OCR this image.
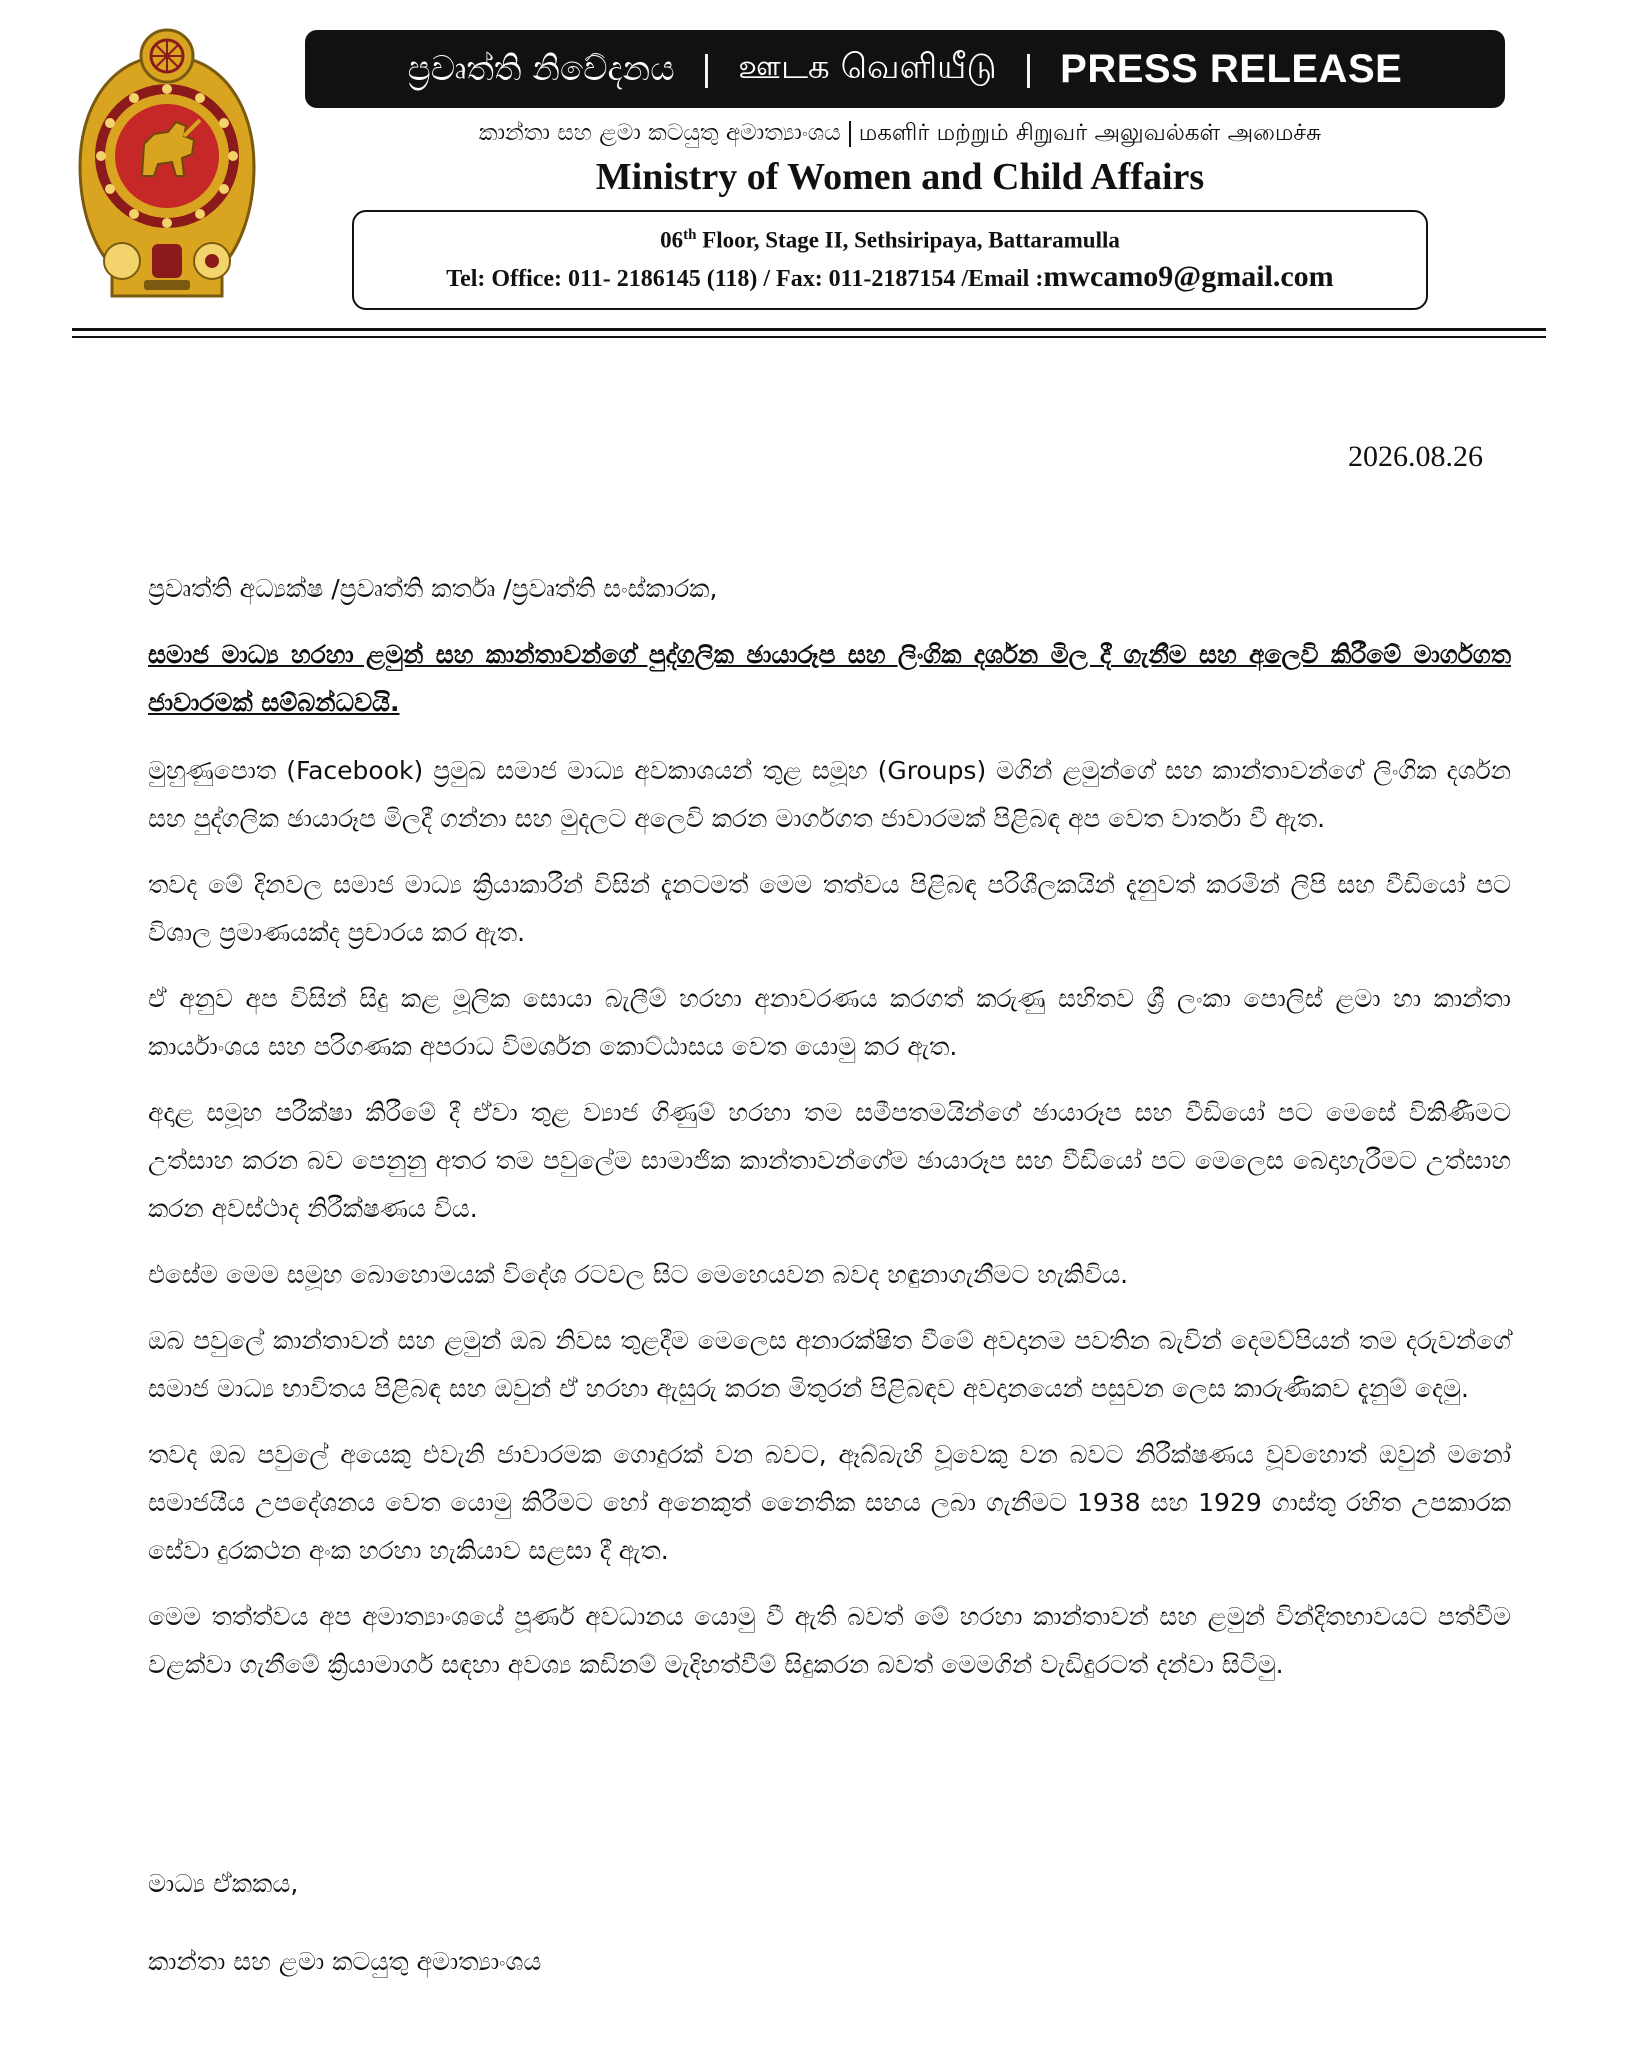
ප්‍රවෘත්ති නිවේදනය | ஊடக வெளியீடு | PRESS RELEASE
කාන්තා සහ ළමා කටයුතු අමාත්‍යාංශය மகளிர் மற்றும் சிறுவர் அலுவல்கள் அமைச்சு
Ministry of Women and Child Affairs
06th Floor, Stage II, Sethsiripaya, Battaramulla
Tel: Office: 011- 2186145 (118) / Fax: 011-2187154 /Email :mwcamo9@gmail.com
2026.08.26

ප්‍රවෘත්ති අධ්‍යක්ෂ /ප්‍රවෘත්ති කර්තෘ /ප්‍රවෘත්ති සංස්කාරක,

සමාජ මාධ්‍ය හරහා ළමුන් සහ කාන්තාවන්ගේ පුද්ගලික ඡායාරූප සහ ලිංගික දර්ශන මිල දී ගැනීම සහ අලෙවි කිරීමේ මාර්ගගත ජාවාරමක් සම්බන්ධවයි.

මුහුණුපොත (Facebook) ප්‍රමුඛ සමාජ මාධ්‍ය අවකාශයන් තුළ සමූහ (Groups) මගින් ළමුන්ගේ සහ කාන්තාවන්ගේ ලිංගික දර්ශන සහ පුද්ගලික ඡායාරූප මිලදී ගන්නා සහ මුදලට අලෙවි කරන මාර්ගගත ජාවාරමක් පිළිබඳ අප වෙත වාර්තා වී ඇත.

තවද මේ දිනවල සමාජ මාධ්‍ය ක්‍රියාකාරීන් විසින් දැනටමත් මෙම තත්වය පිළිබඳ පරිශීලකයින් දැනුවත් කරමින් ලිපි සහ වීඩියෝ පට විශාල ප්‍රමාණයක්ද ප්‍රචාරය කර ඇත.

ඒ අනුව අප විසින් සිදු කළ මූලික සොයා බැලීම් හරහා අනාවරණය කරගත් කරුණු සහිතව ශ්‍රී ලංකා පොලිස් ළමා හා කාන්තා කාර්යාංශය සහ පරිගණක අපරාධ විමර්ශන කොට්ඨාසය වෙත යොමු කර ඇත.

අදාළ සමූහ පරීක්ෂා කිරීමේ දී ඒවා තුළ ව්‍යාජ ගිණුම් හරහා තම සමීපතමයින්ගේ ඡායාරූප සහ වීඩියෝ පට මෙසේ විකිණීමට උත්සාහ කරන බව පෙනුනු අතර තම පවුලේම සාමාජික කාන්තාවන්ගේම ඡායාරූප සහ වීඩියෝ පට මෙලෙස බෙදාහැරීමට උත්සාහ කරන අවස්ථාද නිරීක්ෂණය විය.

එසේම මෙම සමූහ බොහොමයක් විදේශ රටවල සිට මෙහෙයවන බවද හඳුනාගැනීමට හැකිවිය.

ඔබ පවුලේ කාන්තාවන් සහ ළමුන් ඔබ නිවස තුළදීම මෙලෙස අනාරක්ෂිත වීමේ අවදානම පවතින බැවින් දෙමව්පියන් තම දරුවන්ගේ සමාජ මාධ්‍ය භාවිතය පිළිබඳ සහ ඔවුන් ඒ හරහා ඇසුරු කරන මිතුරන් පිළිබඳව අවදානයෙන් පසුවන ලෙස කාරුණිකව දැනුම් දෙමු.

තවද ඔබ පවුලේ අයෙකු එවැනි ජාවාරමක ගොදුරක් වන බවට, ඈබ්බැහි වූවෙකු වන බවට නිරීක්ෂණය වූවහොත් ඔවුන් මනෝ සමාජයීය උපදේශනය වෙත යොමු කිරීමට හෝ අනෙකුත් නෛතික සහය ලබා ගැනීමට 1938 සහ 1929 ගාස්තු රහිත උපකාරක සේවා දුරකථන අංක හරහා හැකියාව සළසා දී ඇත.

මෙම තත්ත්වය අප අමාත්‍යාංශයේ පූර්ණ අවධානය යොමු වී ඇති බවත් මේ හරහා කාන්තාවන් සහ ළමුන් වින්දිතභාවයට පත්වීම වළක්වා ගැනීමේ ක්‍රියාමාර්ග සඳහා අවශ්‍ය කඩිනම් මැදිහත්වීම් සිදුකරන බවත් මෙමගින් වැඩිදුරටත් දන්වා සිටිමු.

මාධ්‍ය ඒකකය,
කාන්තා සහ ළමා කටයුතු අමාත්‍යාංශය
